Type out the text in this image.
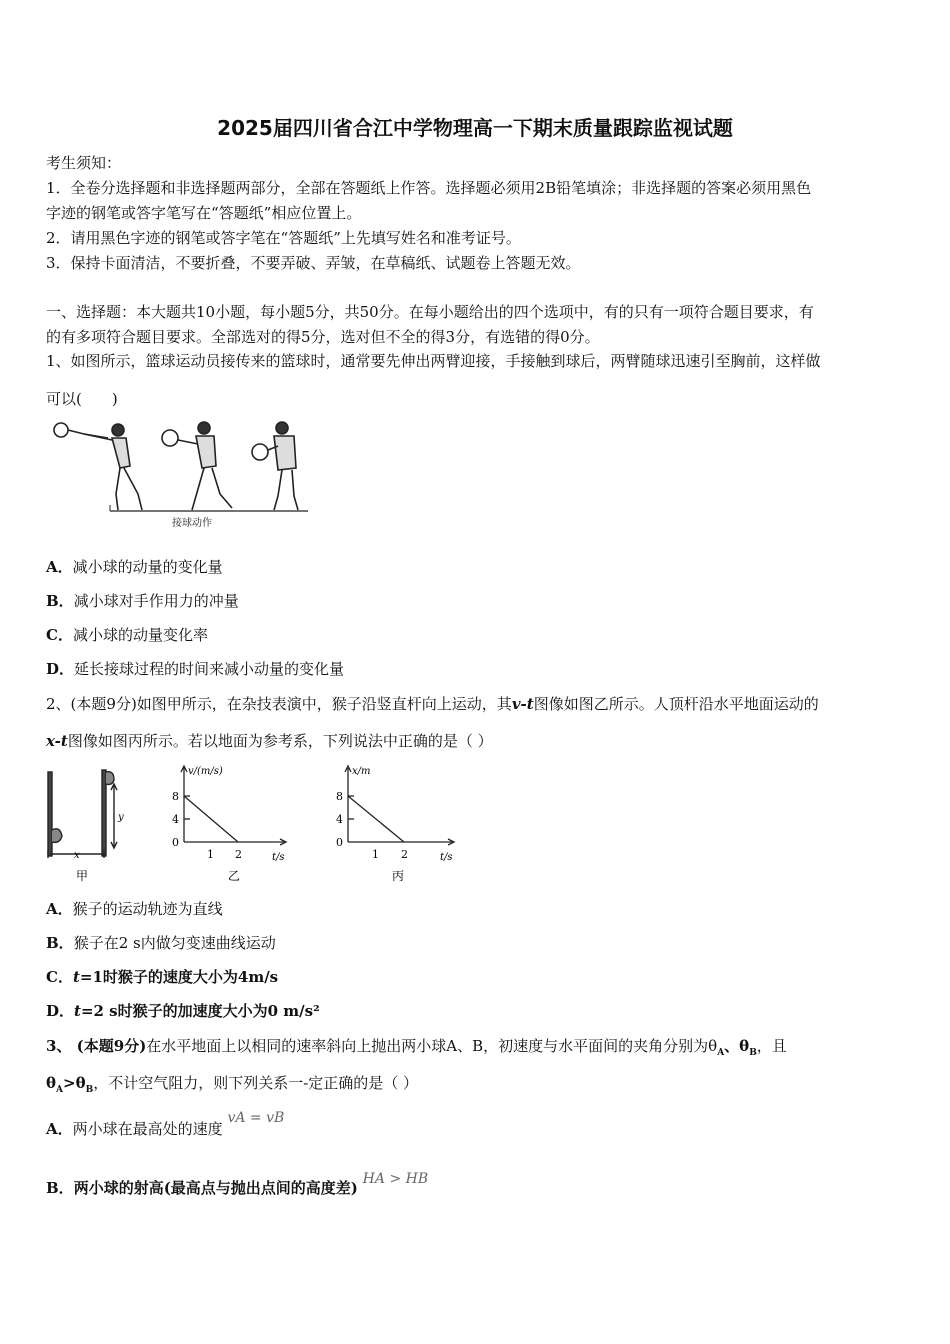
2025届四川省合江中学物理高一下期末质量跟踪监视试题
考生须知：
1．全卷分选择题和非选择题两部分，全部在答题纸上作答。选择题必须用2B铅笔填涂；非选择题的答案必须用黑色
字迹的钢笔或答字笔写在“答题纸”相应位置上。
2．请用黑色字迹的钢笔或答字笔在“答题纸”上先填写姓名和准考证号。
3．保持卡面清洁，不要折叠，不要弄破、弄皱，在草稿纸、试题卷上答题无效。
一、选择题：本大题共10小题，每小题5分，共50分。在每小题给出的四个选项中，有的只有一项符合题目要求，有
的有多项符合题目要求。全部选对的得5分，选对但不全的得3分，有选错的得0分。
1、如图所示，篮球运动员接传来的篮球时，通常要先伸出两臂迎接，手接触到球后，两臂随球迅速引至胸前，这样做
可以(　　)
接球动作
A．减小球的动量的变化量
B．减小球对手作用力的冲量
C．减小球的动量变化率
D．延长接球过程的时间来减小动量的变化量
2、(本题9分)如图甲所示，在杂技表演中，猴子沿竖直杆向上运动，其v-t图像如图乙所示。人顶杆沿水平地面运动的
x-t图像如图丙所示。若以地面为参考系，下列说法中正确的是（ ）
y
x
甲
v/(m/s)
8
4
0
1 2	t/s
乙
x/m
8
4
0
1 2	t/s
丙
A．猴子的运动轨迹为直线
B．猴子在2 s内做匀变速曲线运动
C．t=1时猴子的速度大小为4m/s
D．t=2 s时猴子的加速度大小为0 m/s²
3、 (本题9分)在水平地面上以相同的速率斜向上抛出两小球A、B，初速度与水平面间的夹角分别为$\theta_A$、$\theta_B$，且
$\theta_A>\theta_B$，不计空气阻力，则下列关系一-定正确的是（ ）
A．两小球在最高处的速度 vA = vB
B．两小球的射高(最高点与抛出点间的高度差) HA > HB
